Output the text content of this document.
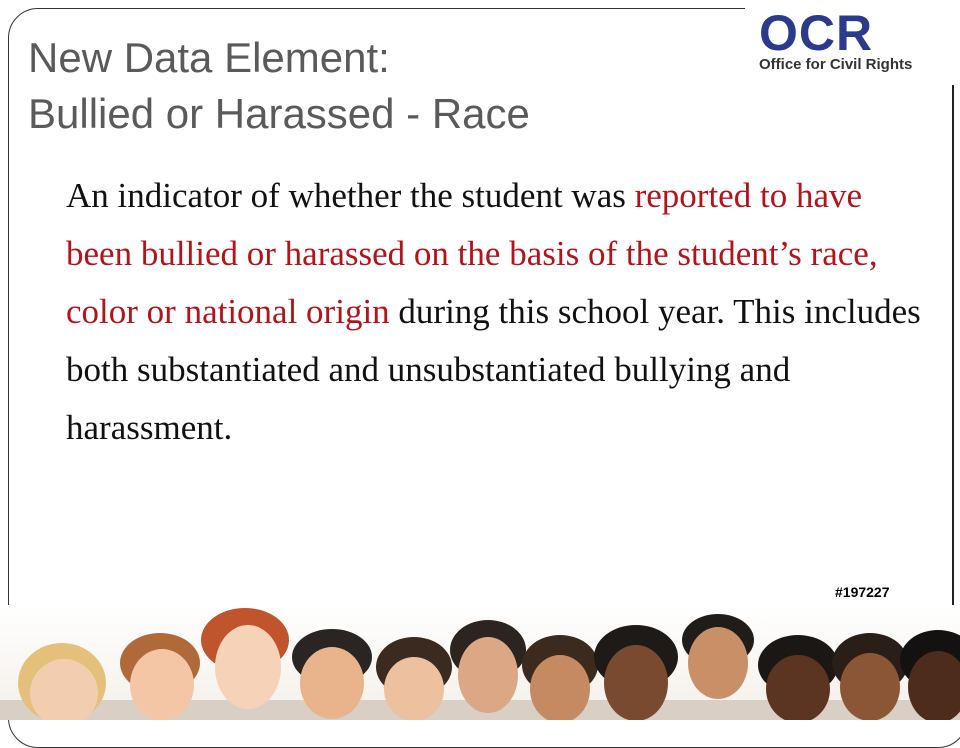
OCR
Office for Civil Rights
New Data Element:
Bullied or Harassed - Race

An indicator of whether the student was reported to have been bullied or harassed on the basis of the student’s race, color or national origin during this school year. This includes both substantiated and unsubstantiated bullying and harassment.

#197227
